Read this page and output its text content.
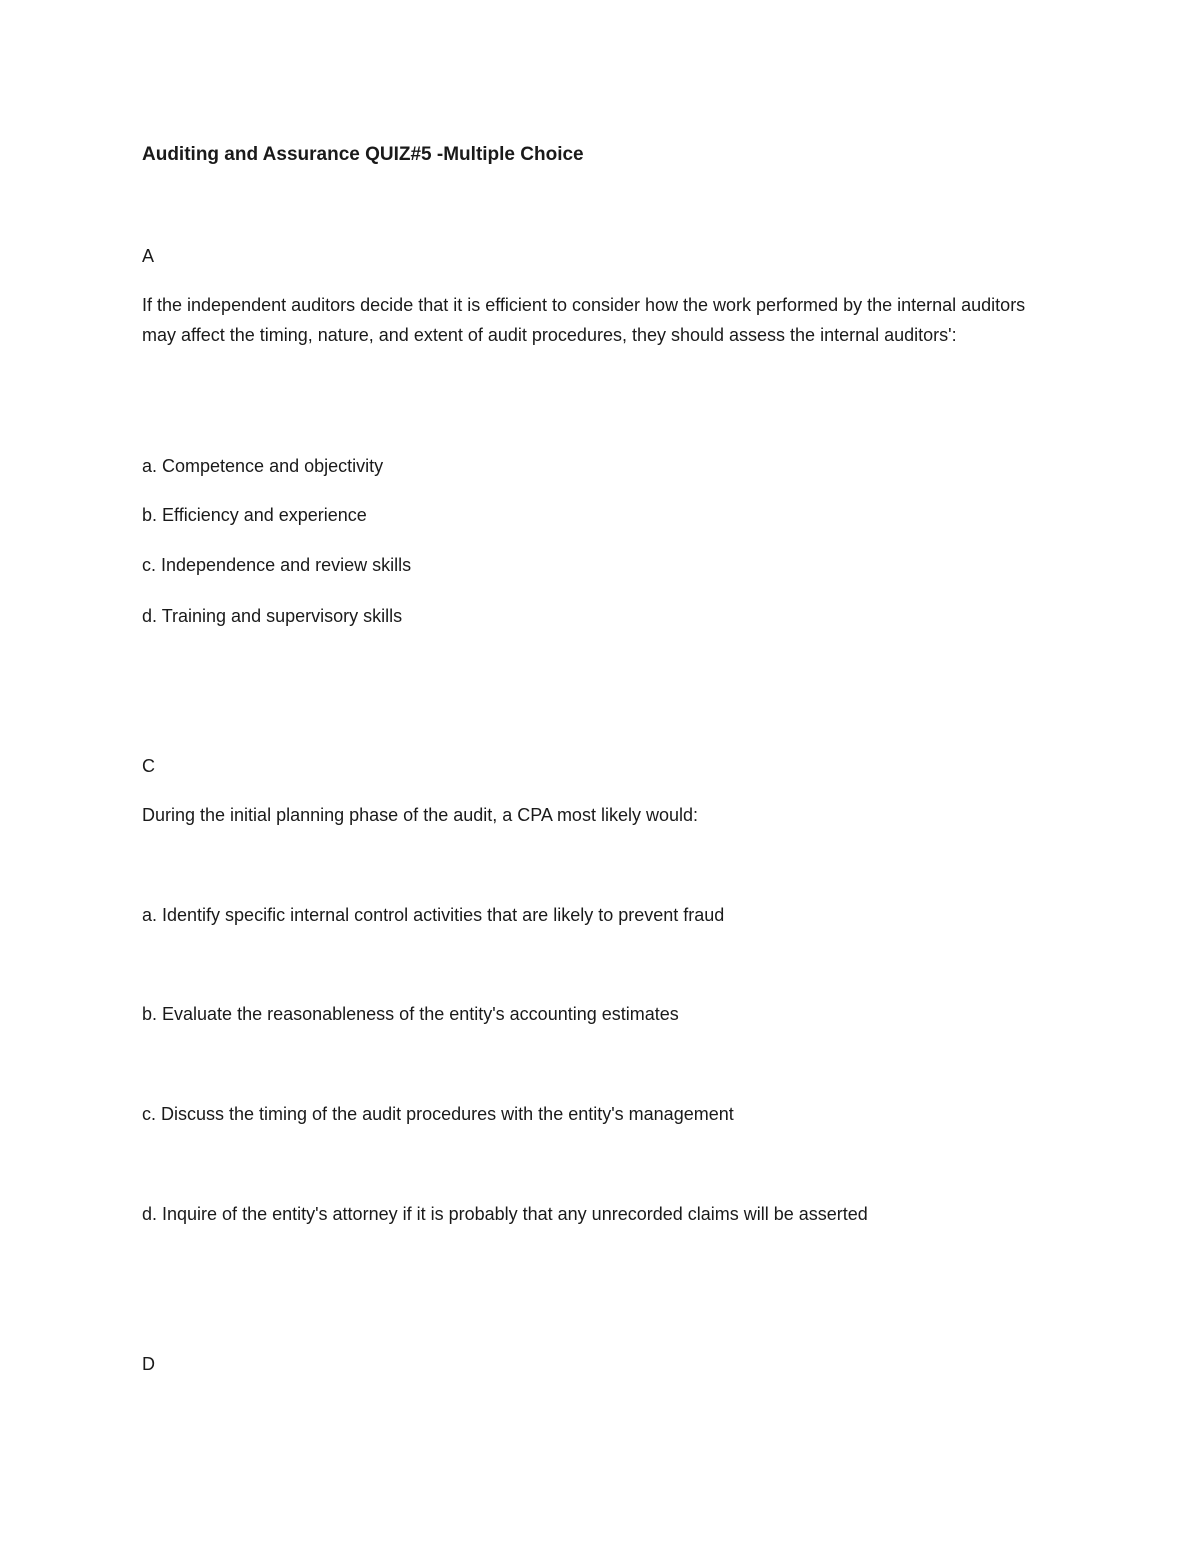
Auditing and Assurance QUIZ#5 -Multiple Choice

A

If the independent auditors decide that it is efficient to consider how the work performed by the internal auditors may affect the timing, nature, and extent of audit procedures, they should assess the internal auditors':

a. Competence and objectivity

b. Efficiency and experience

c. Independence and review skills

d. Training and supervisory skills

C

During the initial planning phase of the audit, a CPA most likely would:

a. Identify specific internal control activities that are likely to prevent fraud

b. Evaluate the reasonableness of the entity's accounting estimates

c. Discuss the timing of the audit procedures with the entity's management

d. Inquire of the entity's attorney if it is probably that any unrecorded claims will be asserted

D
